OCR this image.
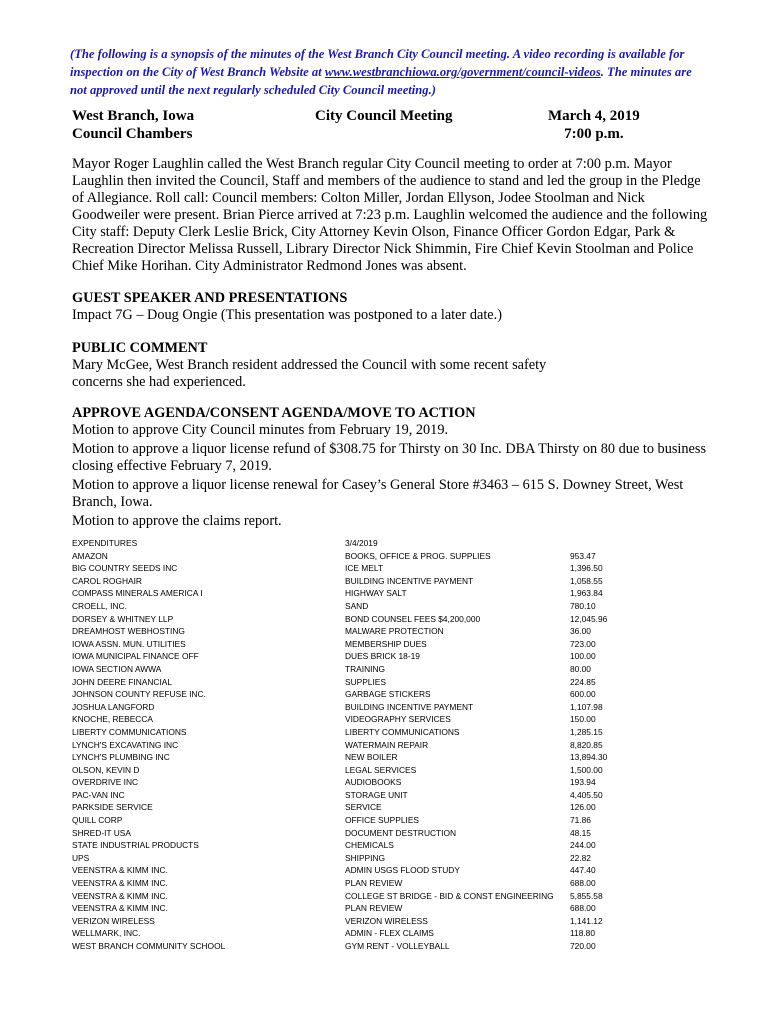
(The following is a synopsis of the minutes of the West Branch City Council meeting. A video recording is available for inspection on the City of West Branch Website at www.westbranchiowa.org/government/council-videos. The minutes are not approved until the next regularly scheduled City Council meeting.)

West Branch, Iowa
Council Chambers
City Council Meeting	March 4, 2019
7:00 p.m.

Mayor Roger Laughlin called the West Branch regular City Council meeting to order at 7:00 p.m. Mayor Laughlin then invited the Council, Staff and members of the audience to stand and led the group in the Pledge of Allegiance. Roll call: Council members: Colton Miller, Jordan Ellyson, Jodee Stoolman and Nick Goodweiler were present. Brian Pierce arrived at 7:23 p.m. Laughlin welcomed the audience and the following City staff: Deputy Clerk Leslie Brick, City Attorney Kevin Olson, Finance Officer Gordon Edgar, Park & Recreation Director Melissa Russell, Library Director Nick Shimmin, Fire Chief Kevin Stoolman and Police Chief Mike Horihan. City Administrator Redmond Jones was absent.

GUEST SPEAKER AND PRESENTATIONS
Impact 7G – Doug Ongie (This presentation was postponed to a later date.)
PUBLIC COMMENT
Mary McGee, West Branch resident addressed the Council with some recent safety concerns she had experienced.
APPROVE AGENDA/CONSENT AGENDA/MOVE TO ACTION

Motion to approve City Council minutes from February 19, 2019.

Motion to approve a liquor license refund of $308.75 for Thirsty on 30 Inc. DBA Thirsty on 80 due to business closing effective February 7, 2019.

Motion to approve a liquor license renewal for Casey’s General Store #3463 – 615 S. Downey Street, West Branch, Iowa.

Motion to approve the claims report.

EXPENDITURES	3/4/2019
AMAZON	BOOKS, OFFICE & PROG. SUPPLIES	953.47
BIG COUNTRY SEEDS INC	ICE MELT	1,396.50
CAROL ROGHAIR	BUILDING INCENTIVE PAYMENT	1,058.55
COMPASS MINERALS AMERICA I	HIGHWAY SALT	1,963.84
CROELL, INC.	SAND	780.10
DORSEY & WHITNEY LLP	BOND COUNSEL FEES $4,200,000	12,045.96
DREAMHOST WEBHOSTING	MALWARE PROTECTION	36.00
IOWA ASSN. MUN. UTILITIES	MEMBERSHIP DUES	723.00
IOWA MUNICIPAL FINANCE OFF	DUES BRICK 18-19	100.00
IOWA SECTION AWWA	TRAINING	80.00
JOHN DEERE FINANCIAL	SUPPLIES	224.85
JOHNSON COUNTY REFUSE INC.	GARBAGE STICKERS	600.00
JOSHUA LANGFORD	BUILDING INCENTIVE PAYMENT	1,107.98
KNOCHE, REBECCA	VIDEOGRAPHY SERVICES	150.00
LIBERTY COMMUNICATIONS	LIBERTY COMMUNICATIONS	1,285.15
LYNCH'S EXCAVATING INC	WATERMAIN REPAIR	8,820.85
LYNCH'S PLUMBING INC	NEW BOILER	13,894.30
OLSON, KEVIN D	LEGAL SERVICES	1,500.00
OVERDRIVE INC	AUDIOBOOKS	193.94
PAC-VAN INC	STORAGE UNIT	4,405.50
PARKSIDE SERVICE	SERVICE	126.00
QUILL CORP	OFFICE SUPPLIES	71.86
SHRED-IT USA	DOCUMENT DESTRUCTION	48.15
STATE INDUSTRIAL PRODUCTS	CHEMICALS	244.00
UPS	SHIPPING	22.82
VEENSTRA & KIMM INC.	ADMIN USGS FLOOD STUDY	447.40
VEENSTRA & KIMM INC.	PLAN REVIEW	688.00
VEENSTRA & KIMM INC.	COLLEGE ST BRIDGE - BID & CONST ENGINEERING 5,855.58
VEENSTRA & KIMM INC.	PLAN REVIEW	688.00
VERIZON WIRELESS	VERIZON WIRELESS	1,141.12
WELLMARK, INC.	ADMIN - FLEX CLAIMS	118.80
WEST BRANCH COMMUNITY SCHOOL	GYM RENT - VOLLEYBALL	720.00
